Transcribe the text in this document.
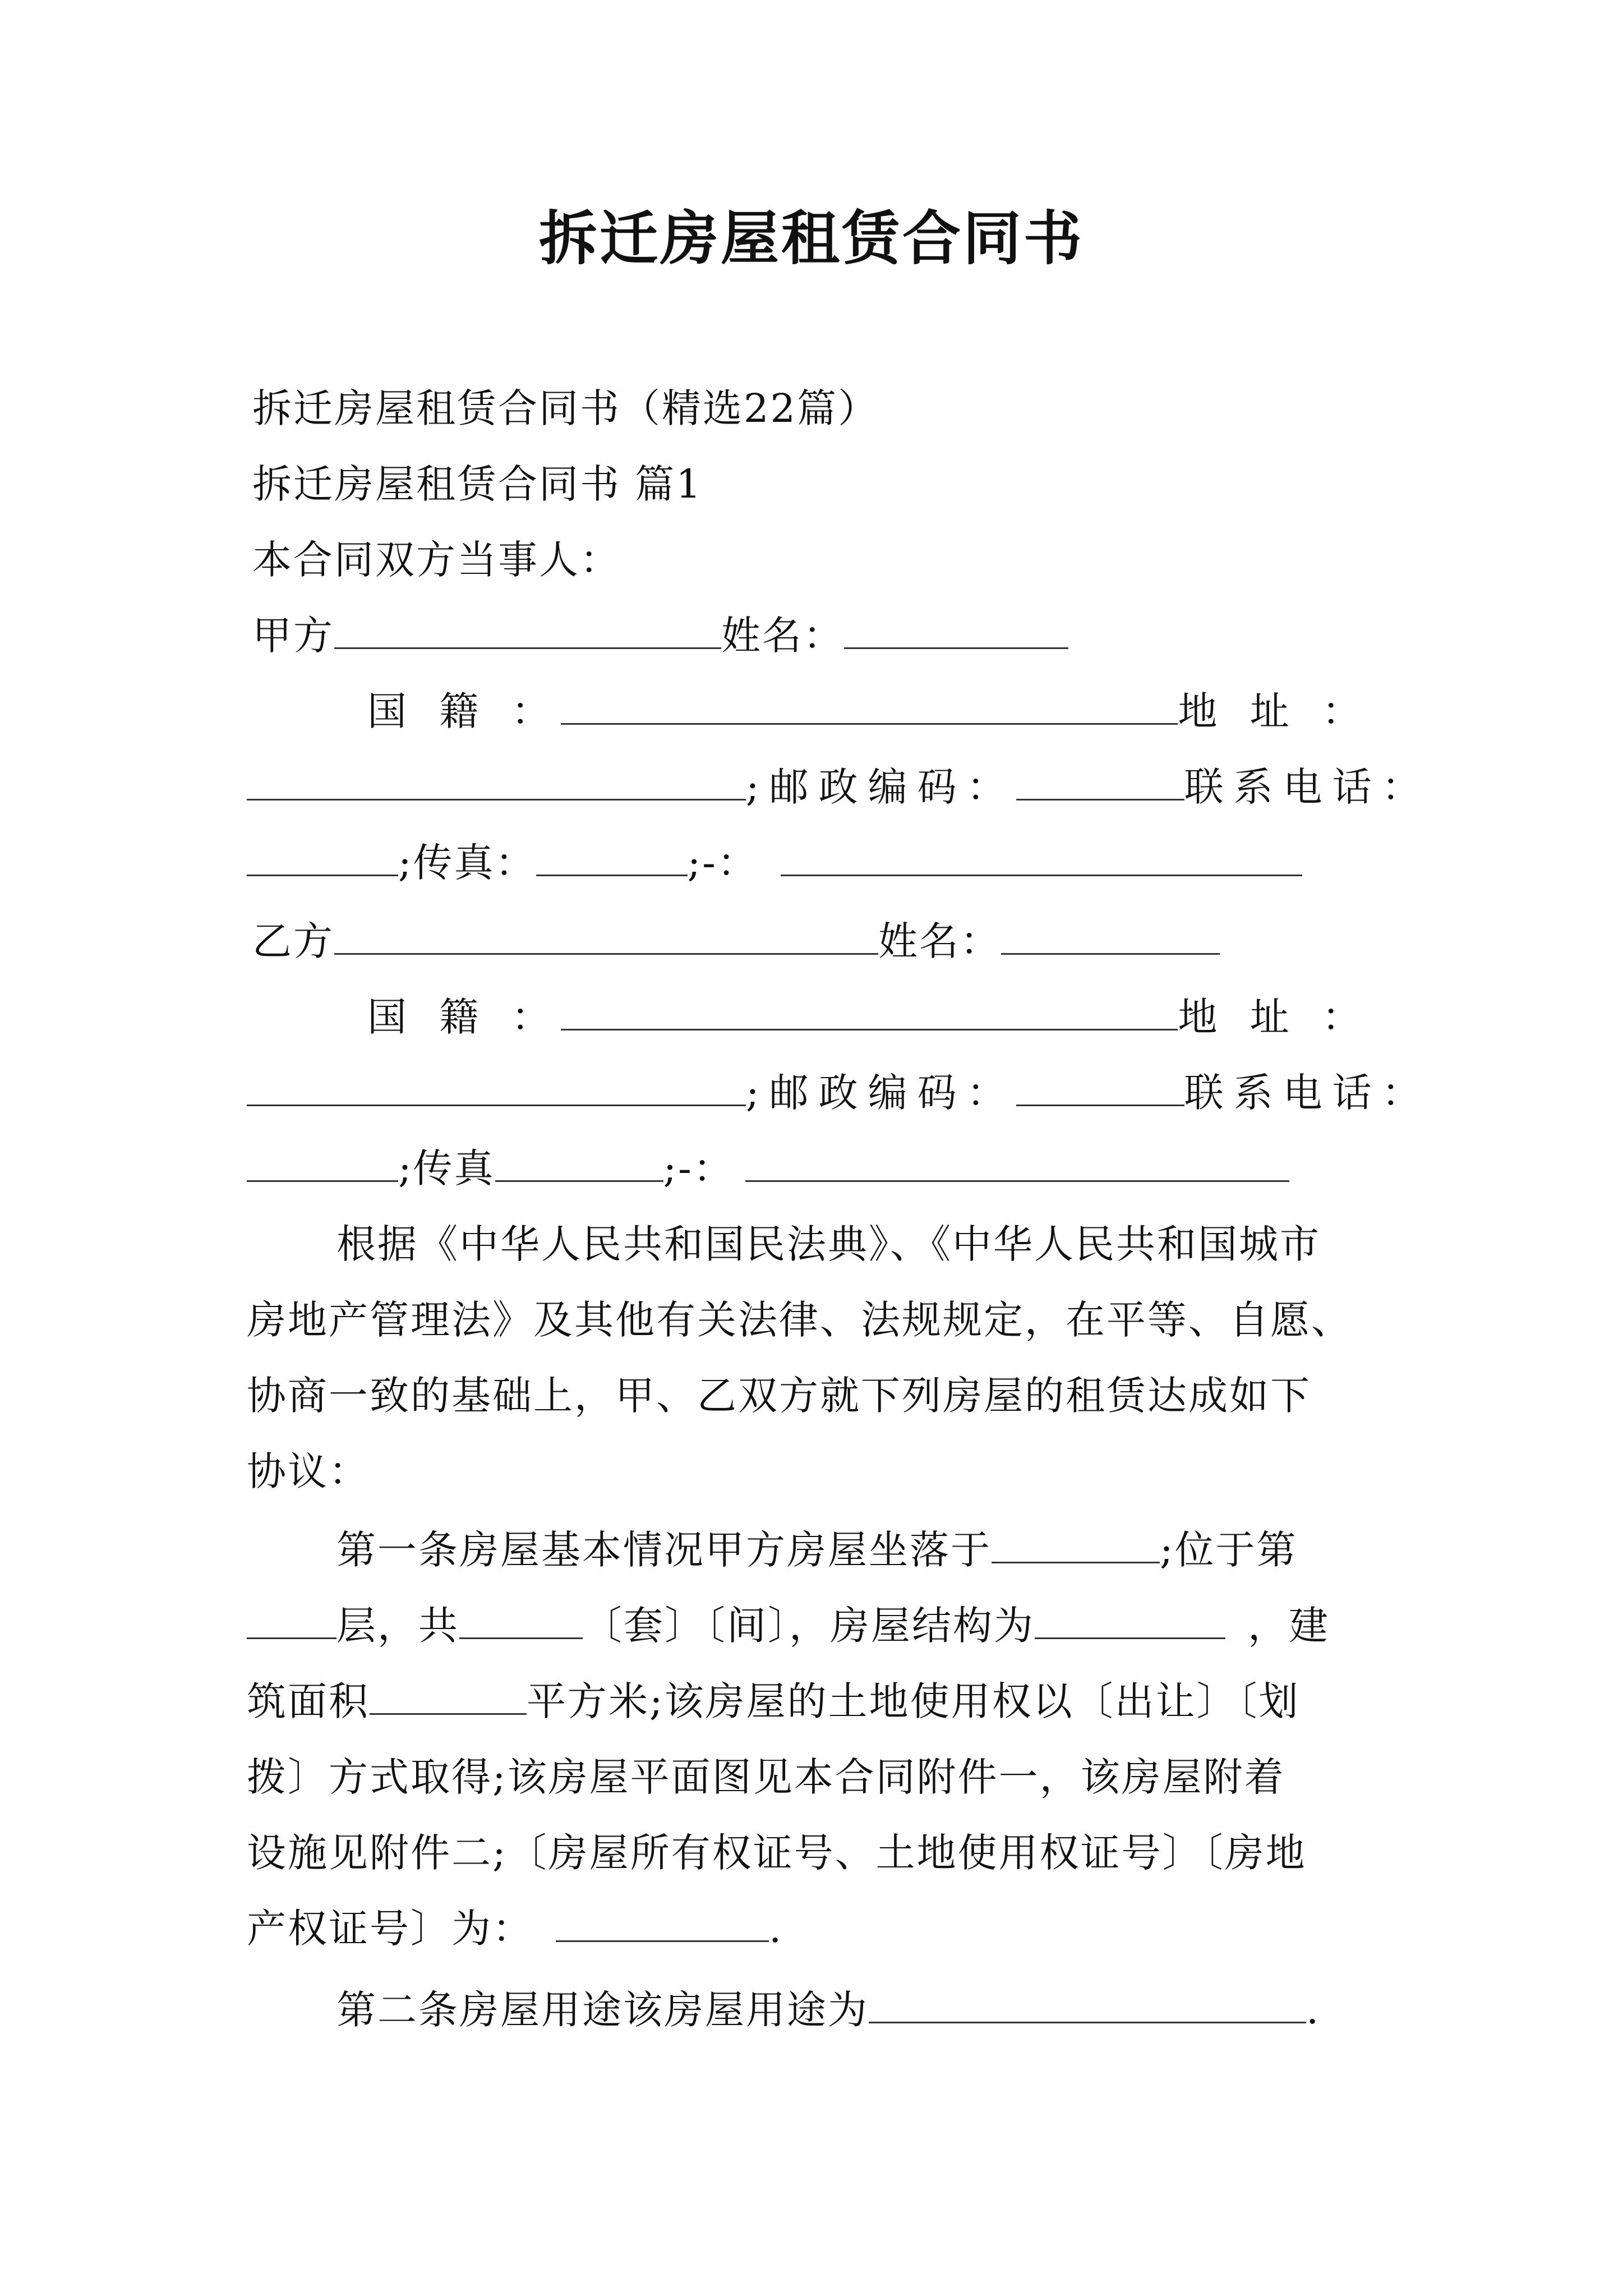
拆迁房屋租赁合同书
拆迁房屋租赁合同书（精选22篇）
拆迁房屋租赁合同书 篇1
本合同双方当事人：
甲方	姓名：
国 籍 ：	地 址 ：
;邮政编码：	联系电话：
;传真：	;-：
乙方	姓名：
国 籍 ：	地 址 ：
;邮政编码：	联系电话：
;传真	;-：
根据《中华人民共和国民法典》、《中华人民共和国城市
房地产管理法》及其他有关法律、法规规定，在平等、自愿、
协商一致的基础上，甲、乙双方就下列房屋的租赁达成如下
协议：
第一条房屋基本情况甲方房屋坐落于	;位于第
层，共	〔套〕〔间〕，房屋结构为	，建
筑面积	平方米;该房屋的土地使用权以〔出让〕〔划
拨〕方式取得;该房屋平面图见本合同附件一，该房屋附着
设施见附件二;〔房屋所有权证号、土地使用权证号〕〔房地
产权证号〕为：	.
第二条房屋用途该房屋用途为	.
